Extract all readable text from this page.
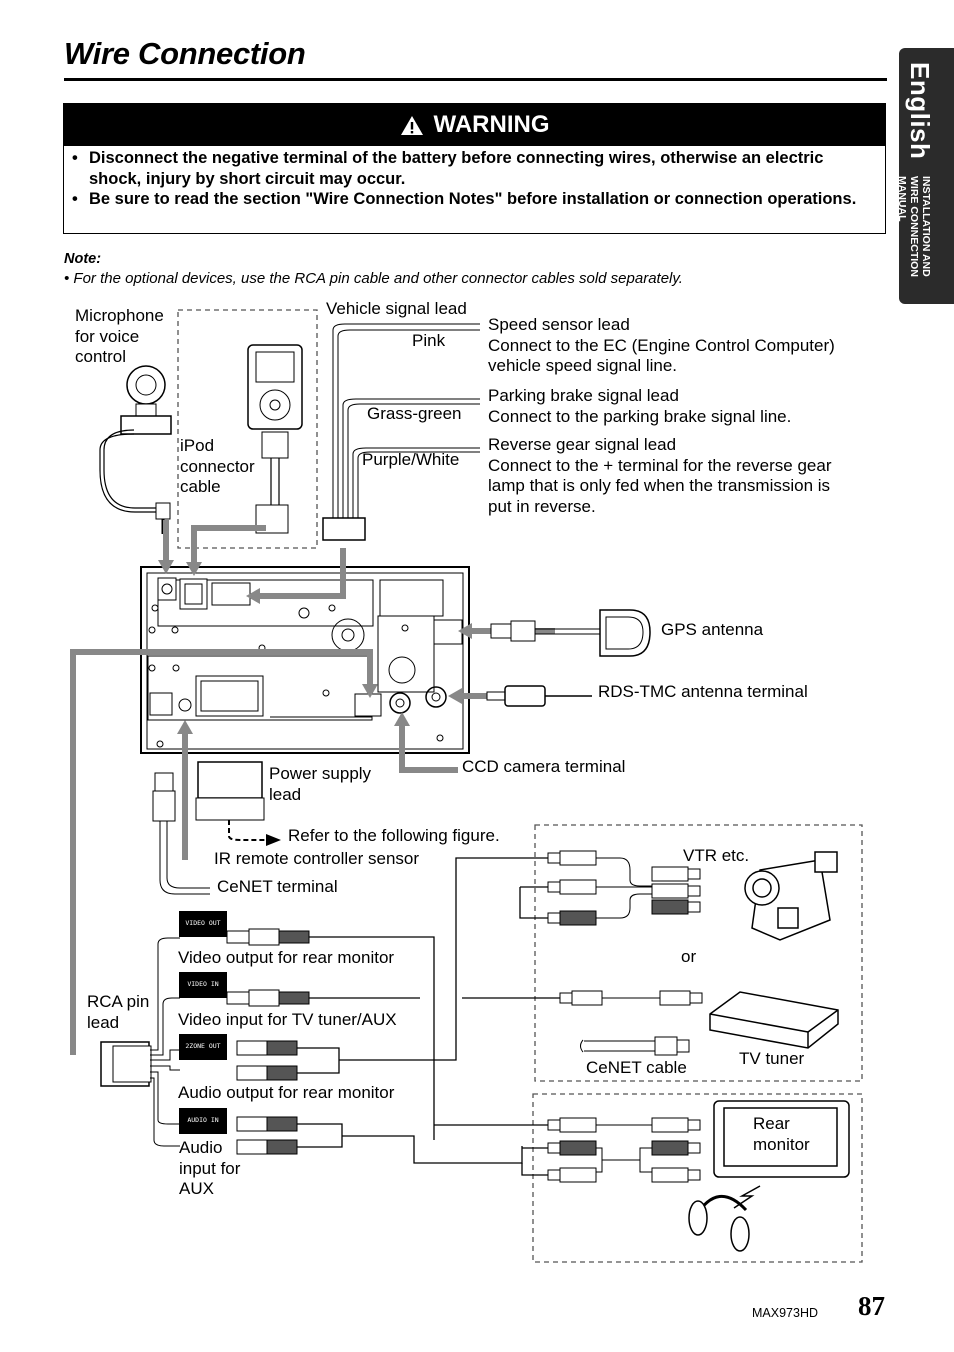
Wire Connection
English
INSTALLATION AND WIRE CONNECTION MANUAL
WARNING

• Disconnect the negative terminal of the battery before connecting wires, otherwise an electric shock, injury by short circuit may occur.

• Be sure to read the section "Wire Connection Notes" before installation or connection operations.

Note:
• For the optional devices, use the RCA pin cable and other connector cables sold separately.
VIDEO OUT
VIDEO IN
2ZONE OUT
AUDIO IN
Microphone
for voice
control
Vehicle signal lead
Pink
Grass-green
Purple/White
Speed sensor lead
Connect to the EC (Engine Control Computer)
vehicle speed signal line.
Parking brake signal lead
Connect to the parking brake signal line.
Reverse gear signal lead
Connect to the + terminal for the reverse gear
lamp that is only fed when the transmission is
put in reverse.
iPod
connector
cable
GPS antenna
RDS-TMC antenna terminal
CCD camera terminal
Power supply
lead
Refer to the following figure.
IR remote controller sensor
CeNET terminal
Video output for rear monitor
RCA pin
lead	Video input for TV tuner/AUX
Audio output for rear monitor
Audio
input for
AUX
VTR etc.
or
CeNET cable	TV tuner
Rear
monitor
MAX973HD 87
